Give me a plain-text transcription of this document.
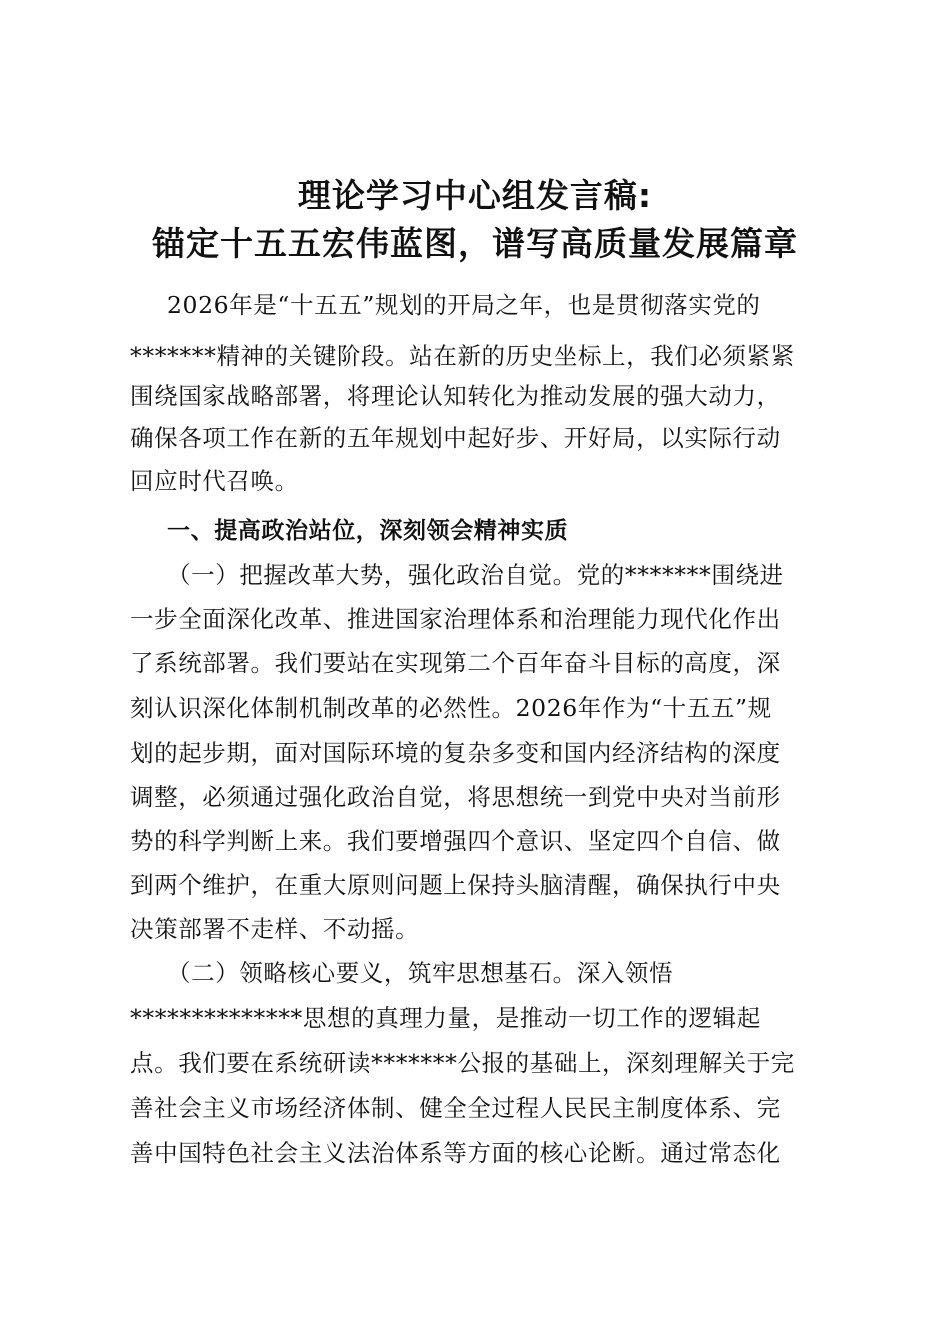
理论学习中心组发言稿:
锚定十五五宏伟蓝图，谱写高质量发展篇章
2026年是“十五五”规划的开局之年，也是贯彻落实党的
*******精神的关键阶段。站在新的历史坐标上，我们必须紧紧
围绕国家战略部署，将理论认知转化为推动发展的强大动力，
确保各项工作在新的五年规划中起好步、开好局，以实际行动
回应时代召唤。
一、提高政治站位，深刻领会精神实质
（一）把握改革大势，强化政治自觉。党的*******围绕进
一步全面深化改革、推进国家治理体系和治理能力现代化作出
了系统部署。我们要站在实现第二个百年奋斗目标的高度，深
刻认识深化体制机制改革的必然性。2026年作为“十五五”规
划的起步期，面对国际环境的复杂多变和国内经济结构的深度
调整，必须通过强化政治自觉，将思想统一到党中央对当前形
势的科学判断上来。我们要增强四个意识、坚定四个自信、做
到两个维护，在重大原则问题上保持头脑清醒，确保执行中央
决策部署不走样、不动摇。
（二）领略核心要义，筑牢思想基石。深入领悟
**************思想的真理力量，是推动一切工作的逻辑起
点。我们要在系统研读*******公报的基础上，深刻理解关于完
善社会主义市场经济体制、健全全过程人民民主制度体系、完
善中国特色社会主义法治体系等方面的核心论断。通过常态化
